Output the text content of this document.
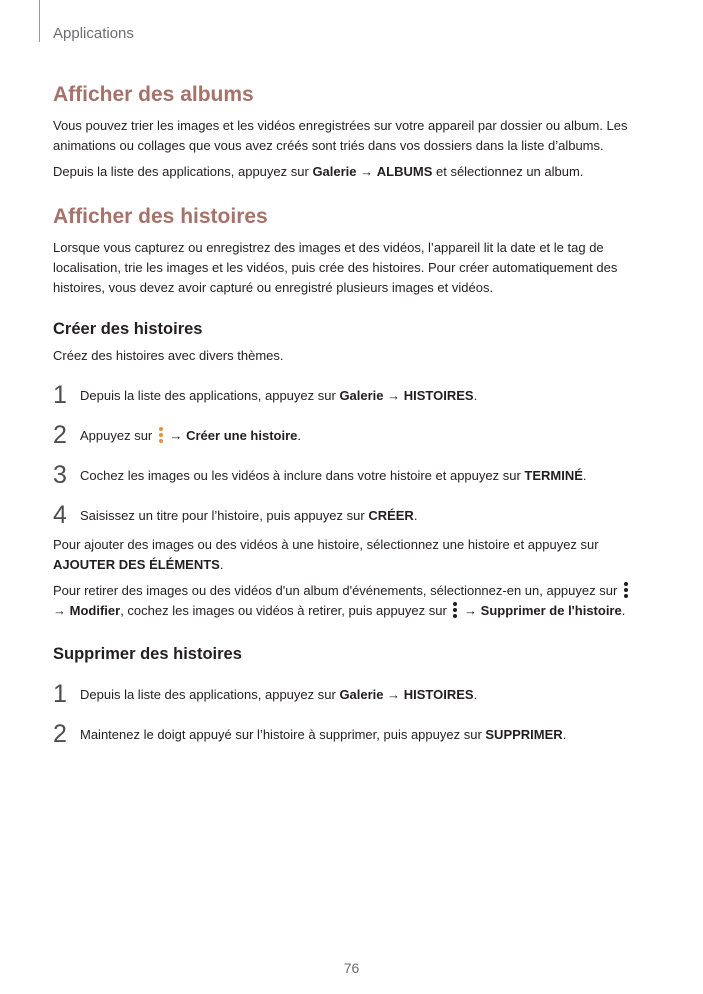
Applications
Afficher des albums

Vous pouvez trier les images et les vidéos enregistrées sur votre appareil par dossier ou album. Les animations ou collages que vous avez créés sont triés dans vos dossiers dans la liste d’albums.

Depuis la liste des applications, appuyez sur Galerie → ALBUMS et sélectionnez un album.

Afficher des histoires

Lorsque vous capturez ou enregistrez des images et des vidéos, l’appareil lit la date et le tag de localisation, trie les images et les vidéos, puis crée des histoires. Pour créer automatiquement des histoires, vous devez avoir capturé ou enregistré plusieurs images et vidéos.

Créer des histoires

Créez des histoires avec divers thèmes.

1 Depuis la liste des applications, appuyez sur Galerie → HISTOIRES.
2 Appuyez sur
→ Créer une histoire.
3 Cochez les images ou les vidéos à inclure dans votre histoire et appuyez sur TERMINÉ.
4 Saisissez un titre pour l’histoire, puis appuyez sur CRÉER.

Pour ajouter des images ou des vidéos à une histoire, sélectionnez une histoire et appuyez sur AJOUTER DES ÉLÉMENTS.

Pour retirer des images ou des vidéos d'un album d'événements, sélectionnez-en un, appuyez sur
→ Modifier, cochez les images ou vidéos à retirer, puis appuyez sur
→ Supprimer de l'histoire.

Supprimer des histoires
1 Depuis la liste des applications, appuyez sur Galerie → HISTOIRES.
2 Maintenez le doigt appuyé sur l’histoire à supprimer, puis appuyez sur SUPPRIMER.
76
